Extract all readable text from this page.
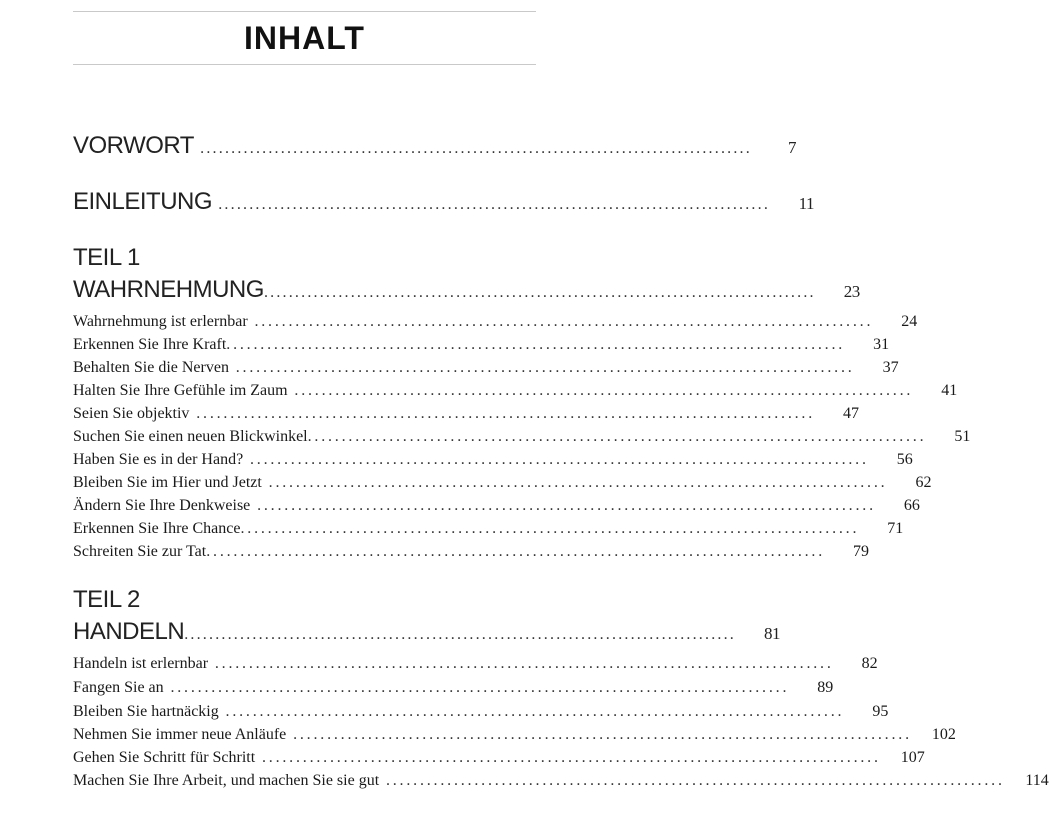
INHALT
VORWORT .........................................................................................	7
EINLEITUNG .........................................................................................	11
TEIL 1
WAHRNEHMUNG .........................................................................................	23
Wahrnehmung ist erlernbar ...........................................................................................	24
Erkennen Sie Ihre Kraft ...........................................................................................	31
Behalten Sie die Nerven ...........................................................................................	37
Halten Sie Ihre Gefühle im Zaum ...........................................................................................	41
Seien Sie objektiv ...........................................................................................	47
Suchen Sie einen neuen Blickwinkel ...........................................................................................	51
Haben Sie es in der Hand? ...........................................................................................	56
Bleiben Sie im Hier und Jetzt ...........................................................................................	62
Ändern Sie Ihre Denkweise ...........................................................................................	66
Erkennen Sie Ihre Chance ...........................................................................................	71
Schreiten Sie zur Tat ...........................................................................................	79
TEIL 2
HANDELN .........................................................................................	81
Handeln ist erlernbar ...........................................................................................	82
Fangen Sie an ...........................................................................................	89
Bleiben Sie hartnäckig ...........................................................................................	95
Nehmen Sie immer neue Anläufe ...........................................................................................	102
Gehen Sie Schritt für Schritt ...........................................................................................	107
Machen Sie Ihre Arbeit, und machen Sie sie gut ...........................................................................................	114
